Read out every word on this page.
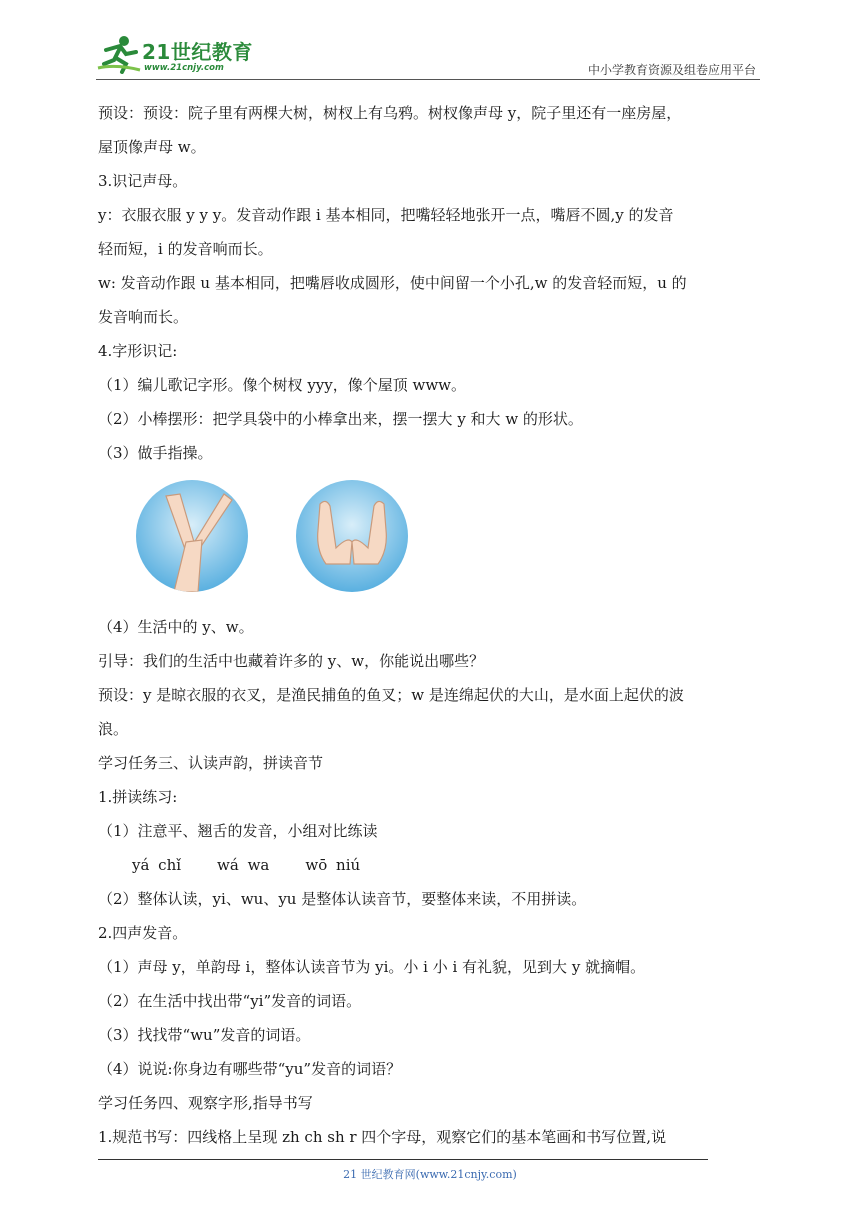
21世纪教育
www.21cnjy.com	中小学教育资源及组卷应用平台

预设：预设：院子里有两棵大树，树杈上有乌鸦。树杈像声母 y，院子里还有一座房屋，

屋顶像声母 w。

3.识记声母。

y：衣服衣服 y y y。发音动作跟 i 基本相同，把嘴轻轻地张开一点，嘴唇不圆,y 的发音

轻而短，i 的发音响而长。

w: 发音动作跟 u 基本相同，把嘴唇收成圆形，使中间留一个小孔,w 的发音轻而短，u 的

发音响而长。

4.字形识记:

（1）编儿歌记字形。像个树杈 yyy，像个屋顶 www。

（2）小棒摆形：把学具袋中的小棒拿出来，摆一摆大 y 和大 w 的形状。

（3）做手指操。

（4）生活中的 y、w。

引导：我们的生活中也藏着许多的 y、w，你能说出哪些？

预设：y 是晾衣服的衣叉，是渔民捕鱼的鱼叉；w 是连绵起伏的大山，是水面上起伏的波

浪。

学习任务三、认读声韵，拼读音节

1.拼读练习:

（1）注意平、翘舌的发音，小组对比练读

yá chǐ wá wa wō niú

（2）整体认读，yi、wu、yu 是整体认读音节，要整体来读，不用拼读。

2.四声发音。

（1）声母 y，单韵母 i，整体认读音节为 yi。小 i 小 i 有礼貌，见到大 y 就摘帽。

（2）在生活中找出带“yi”发音的词语。

（3）找找带“wu”发音的词语。

（4）说说:你身边有哪些带“yu”发音的词语？

学习任务四、观察字形,指导书写

1.规范书写：四线格上呈现 zh ch sh r 四个字母，观察它们的基本笔画和书写位置,说

21 世纪教育网(www.21cnjy.com)
